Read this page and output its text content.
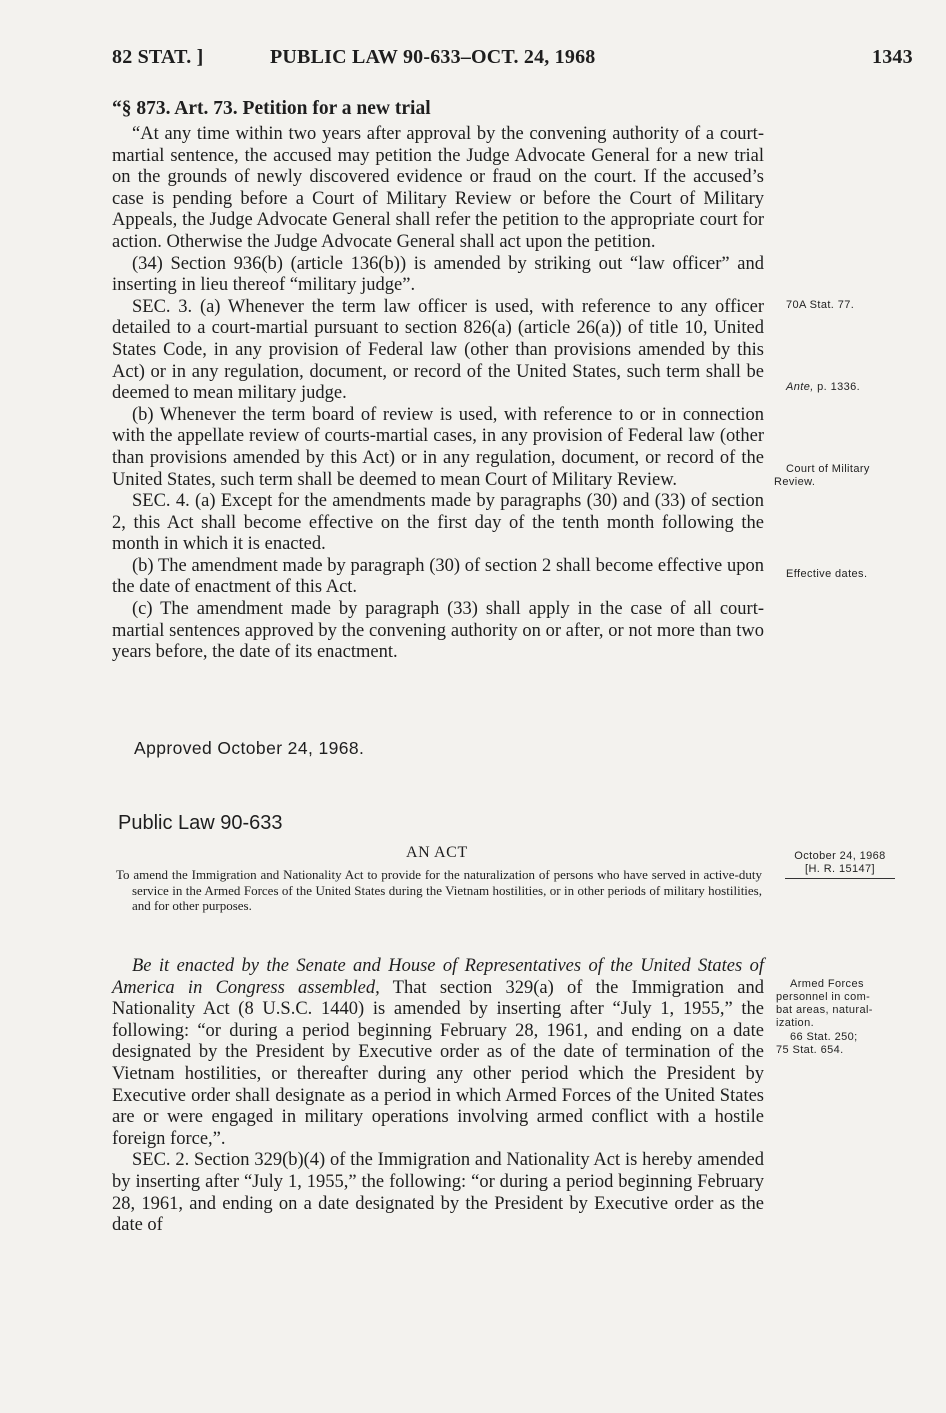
82 STAT. ]	PUBLIC LAW 90-633–OCT. 24, 1968	1343
“§ 873. Art. 73. Petition for a new trial

“At any time within two years after approval by the convening authority of a court-martial sentence, the accused may petition the Judge Advocate General for a new trial on the grounds of newly discovered evidence or fraud on the court. If the accused’s case is pending before a Court of Military Review or before the Court of Military Appeals, the Judge Advocate General shall refer the petition to the appropriate court for action. Otherwise the Judge Advocate General shall act upon the petition.

(34) Section 936(b) (article 136(b)) is amended by striking out “law officer” and inserting in lieu thereof “military judge”.

SEC. 3. (a) Whenever the term law officer is used, with reference to any officer detailed to a court-martial pursuant to section 826(a) (article 26(a)) of title 10, United States Code, in any provision of Federal law (other than provisions amended by this Act) or in any regulation, document, or record of the United States, such term shall be deemed to mean military judge.

(b) Whenever the term board of review is used, with reference to or in connection with the appellate review of courts-martial cases, in any provision of Federal law (other than provisions amended by this Act) or in any regulation, document, or record of the United States, such term shall be deemed to mean Court of Military Review.

SEC. 4. (a) Except for the amendments made by paragraphs (30) and (33) of section 2, this Act shall become effective on the first day of the tenth month following the month in which it is enacted.

(b) The amendment made by paragraph (30) of section 2 shall become effective upon the date of enactment of this Act.

(c) The amendment made by paragraph (33) shall apply in the case of all court-martial sentences approved by the convening authority on or after, or not more than two years before, the date of its enactment.

Approved October 24, 1968.
Public Law 90-633
AN ACT

To amend the Immigration and Nationality Act to provide for the naturalization of persons who have served in active-duty service in the Armed Forces of the United States during the Vietnam hostilities, or in other periods of military hostilities, and for other purposes.

Be it enacted by the Senate and House of Representatives of the United States of America in Congress assembled, That section 329(a) of the Immigration and Nationality Act (8 U.S.C. 1440) is amended by inserting after “July 1, 1955,” the following: “or during a period beginning February 28, 1961, and ending on a date designated by the President by Executive order as of the date of termination of the Vietnam hostilities, or thereafter during any other period which the President by Executive order shall designate as a period in which Armed Forces of the United States are or were engaged in military operations involving armed conflict with a hostile foreign force,”.

SEC. 2. Section 329(b)(4) of the Immigration and Nationality Act is hereby amended by inserting after “July 1, 1955,” the following: “or during a period beginning February 28, 1961, and ending on a date designated by the President by Executive order as the date of

70A Stat. 77.
Ante, p. 1336.
Court of Military
Review.
Effective dates.
October 24, 1968
[H. R. 15147]
Armed Forces
personnel in com-
bat areas, natural-
ization.
66 Stat. 250;
75 Stat. 654.
